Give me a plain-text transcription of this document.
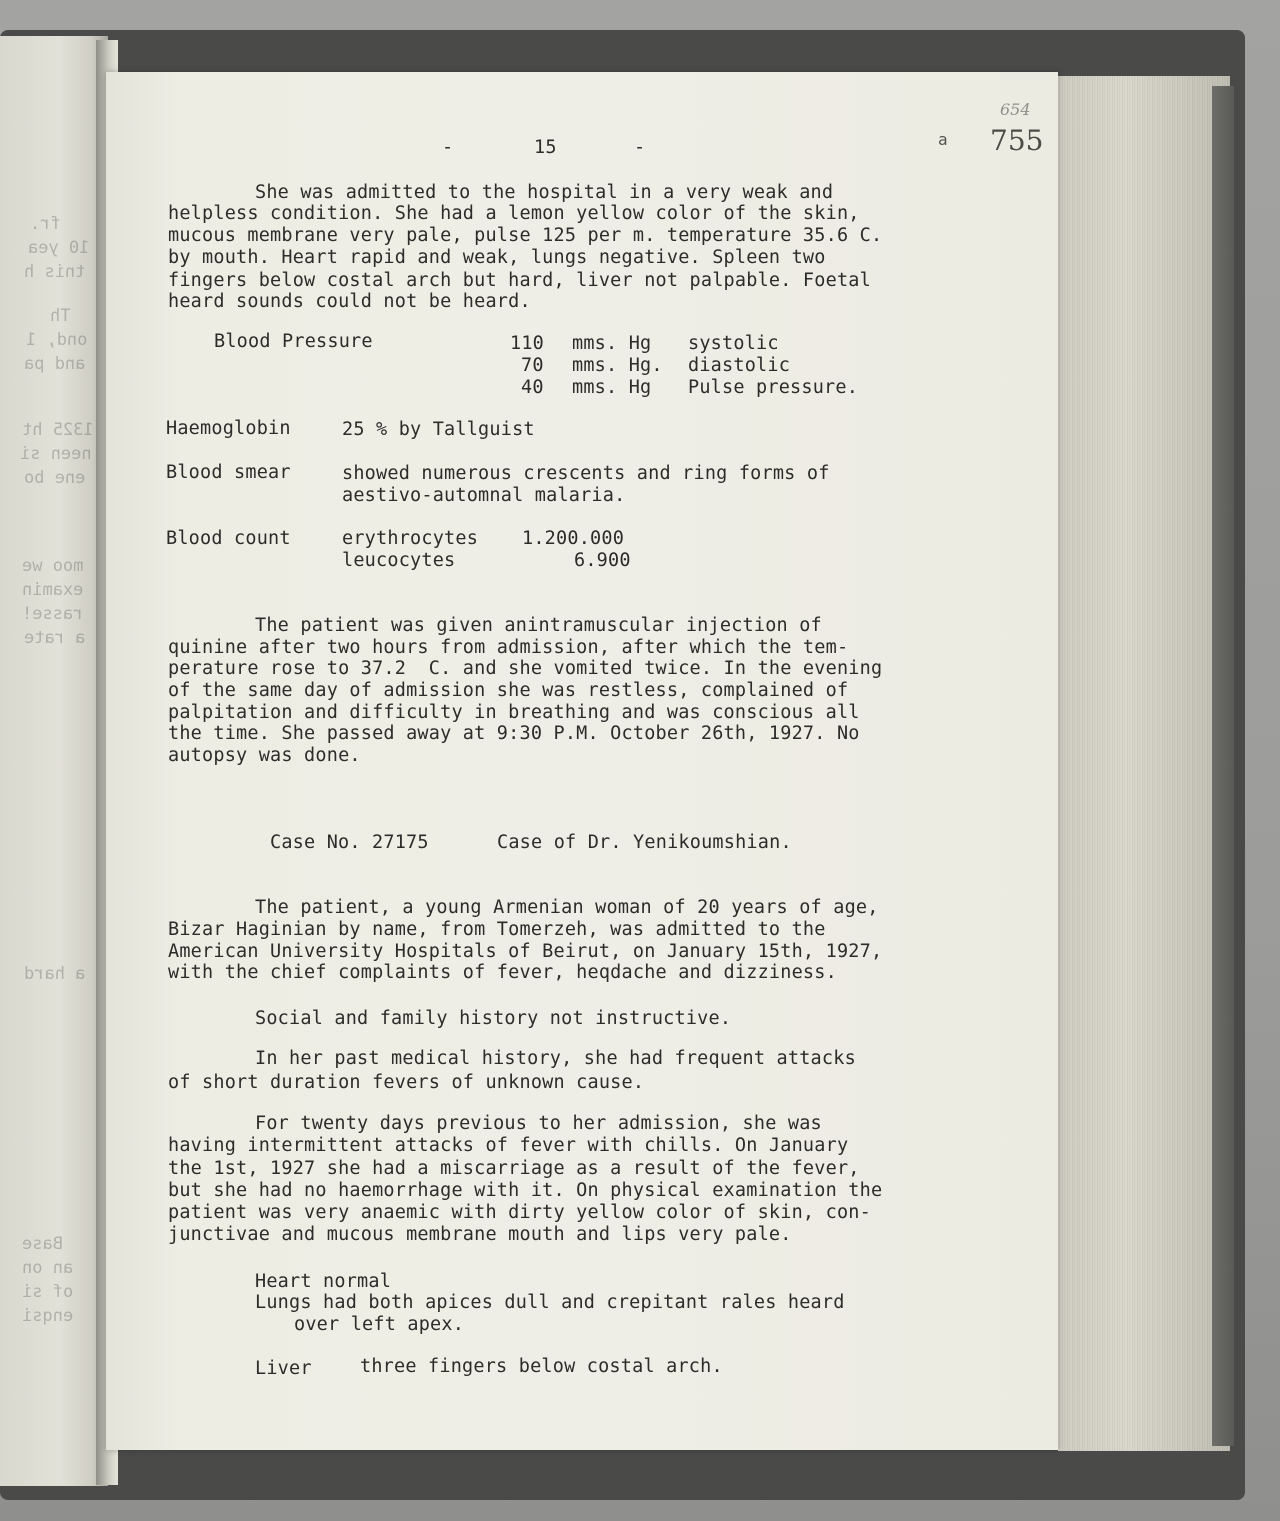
fr.
10 yea
tnis h
Th
ond, 1
and pa
1325 ht
neen si
ene bo
moo we
examin
rasse!
a rate
a hard
Base
an on
of si
enqsi
-	15	-
654
a 755
She was admitted to the hospital in a very weak and
helpless condition. She had a lemon yellow color of the skin,
mucous membrane very pale, pulse 125 per m. temperature 35.6 C.
by mouth. Heart rapid and weak, lungs negative. Spleen two
fingers below costal arch but hard, liver not palpable. Foetal
heard sounds could not be heard.
Blood Pressure	110 mms. Hg systolic
70 mms. Hg. diastolic
40 mms. Hg Pulse pressure.
Haemoglobin	25 % by Tallguist
Blood smear	showed numerous crescents and ring forms of
aestivo-automnal malaria.
Blood count	erythrocytes 1.200.000
leucocytes	6.900
The patient was given anintramuscular injection of
quinine after two hours from admission, after which the tem-
perature rose to 37.2  C. and she vomited twice. In the evening
of the same day of admission she was restless, complained of
palpitation and difficulty in breathing and was conscious all
the time. She passed away at 9:30 P.M. October 26th, 1927. No
autopsy was done.
Case No. 27175	Case of Dr. Yenikoumshian.
The patient, a young Armenian woman of 20 years of age,
Bizar Haginian by name, from Tomerzeh, was admitted to the
American University Hospitals of Beirut, on January 15th, 1927,
with the chief complaints of fever, heqdache and dizziness.
Social and family history not instructive.
In her past medical history, she had frequent attacks
of short duration fevers of unknown cause.
For twenty days previous to her admission, she was
having intermittent attacks of fever with chills. On January
the 1st, 1927 she had a miscarriage as a result of the fever,
but she had no haemorrhage with it. On physical examination the
patient was very anaemic with dirty yellow color of skin, con-
junctivae and mucous membrane mouth and lips very pale.
Heart normal
Lungs had both apices dull and crepitant rales heard
over left apex.
Liver	three fingers below costal arch.
